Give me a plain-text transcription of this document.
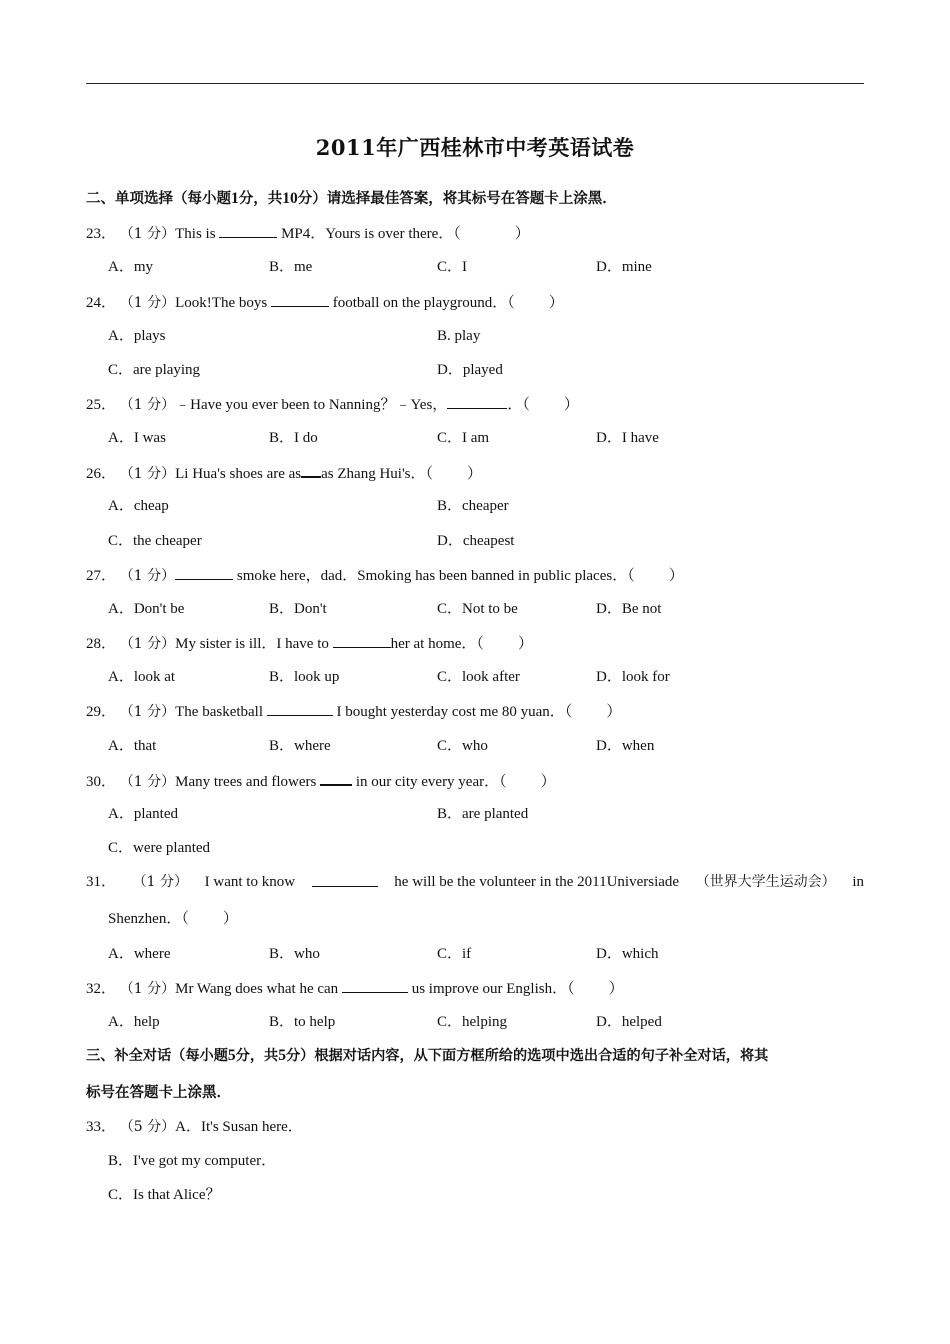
2011年广西桂林市中考英语试卷
二、单项选择（每小题1分，共10分）请选择最佳答案，将其标号在答题卡上涂黑．
23． （1 分）This is	MP4．Yours is over there．（	）
A．my	B．me	C．I	D．mine
24． （1 分）Look!The boys	football on the playground．（ ）
A．plays	B. play
C．are playing	D．played
25． （1 分）﹣Have you ever been to Nanning？﹣Yes，	．（ ）
A．I was	B．I do	C．I am	D．I have
26． （1 分）Li Hua's shoes are as as Zhang Hui's．（ ）
A．cheap	B．cheaper
C．the cheaper	D．cheapest
27． （1 分）	smoke here，dad．Smoking has been banned in public places．（ ）
A．Don't be	B．Don't	C．Not to be	D．Be not
28． （1 分）My sister is ill．I have to	her at home．（ ）
A．look at	B．look up	C．look after	D．look for
29． （1 分）The basketball	I bought yesterday cost me 80 yuan．（ ）
A．that	B．where	C．who	D．when
30． （1 分）Many trees and flowers	in our city every year．（ ）
A．planted	B．are planted
C．were planted
31． （1 分） I want to know	he will be the volunteer in the 2011Universiade （世界大学生运动会） in
Shenzhen．（ ）
A．where	B．who	C．if	D．which
32． （1 分）Mr Wang does what he can	us improve our English．（ ）
A．help	B．to help	C．helping	D．helped
三、补全对话（每小题5分，共5分）根据对话内容，从下面方框所给的选项中选出合适的句子补全对话，将其
标号在答题卡上涂黑．
33． （5 分）A．It's Susan here．
B．I've got my computer．
C．Is that Alice？
